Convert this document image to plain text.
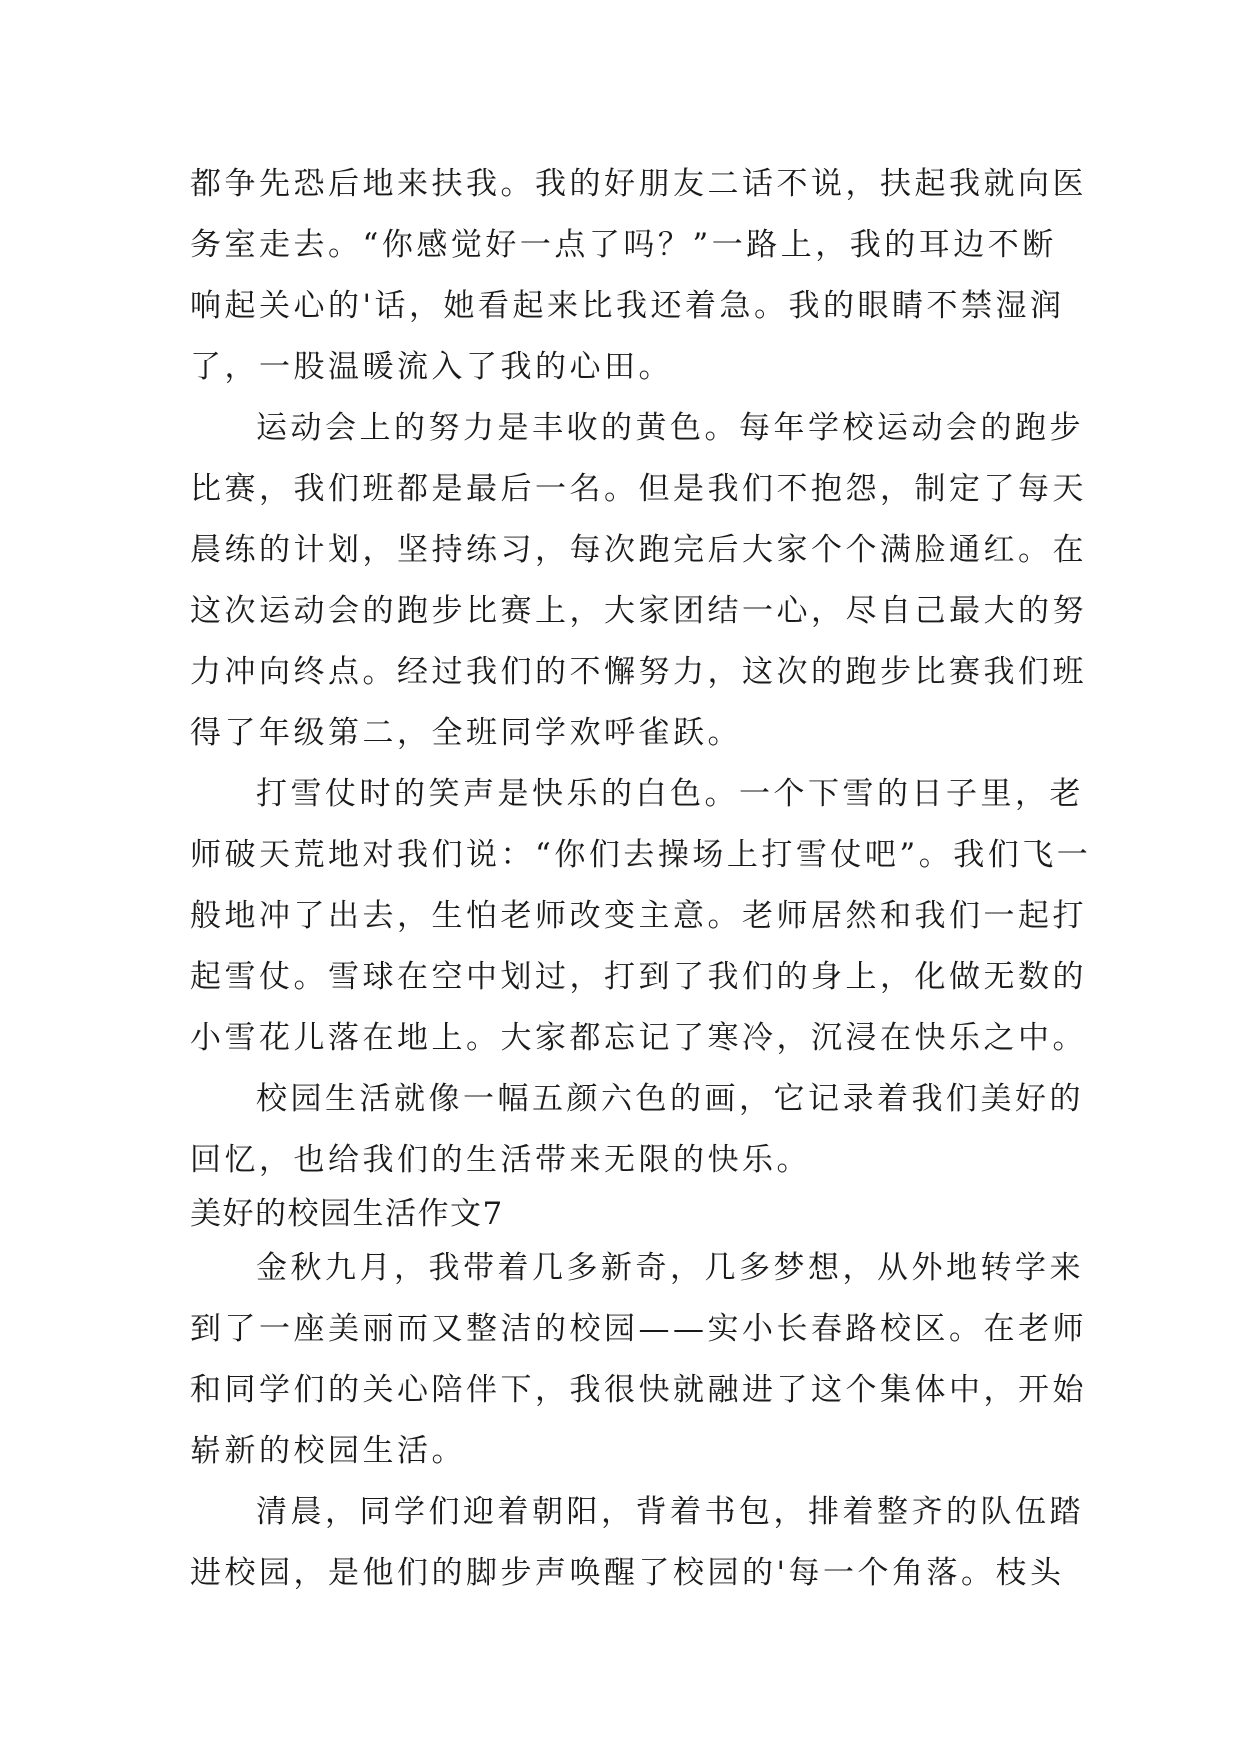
都争先恐后地来扶我。我的好朋友二话不说，扶起我就向医
务室走去。“你感觉好一点了吗？”一路上，我的耳边不断
响起关心的'话，她看起来比我还着急。我的眼睛不禁湿润
了，一股温暖流入了我的心田。
运动会上的努力是丰收的黄色。每年学校运动会的跑步
比赛，我们班都是最后一名。但是我们不抱怨，制定了每天
晨练的计划，坚持练习，每次跑完后大家个个满脸通红。在
这次运动会的跑步比赛上，大家团结一心，尽自己最大的努
力冲向终点。经过我们的不懈努力，这次的跑步比赛我们班
得了年级第二，全班同学欢呼雀跃。
打雪仗时的笑声是快乐的白色。一个下雪的日子里，老
师破天荒地对我们说：“你们去操场上打雪仗吧”。我们飞一
般地冲了出去，生怕老师改变主意。老师居然和我们一起打
起雪仗。雪球在空中划过，打到了我们的身上，化做无数的
小雪花儿落在地上。大家都忘记了寒冷，沉浸在快乐之中。
校园生活就像一幅五颜六色的画，它记录着我们美好的
回忆，也给我们的生活带来无限的快乐。
美好的校园生活作文7
金秋九月，我带着几多新奇，几多梦想，从外地转学来
到了一座美丽而又整洁的校园——实小长春路校区。在老师
和同学们的关心陪伴下，我很快就融进了这个集体中，开始
崭新的校园生活。
清晨，同学们迎着朝阳，背着书包，排着整齐的队伍踏
进校园，是他们的脚步声唤醒了校园的'每一个角落。枝头
